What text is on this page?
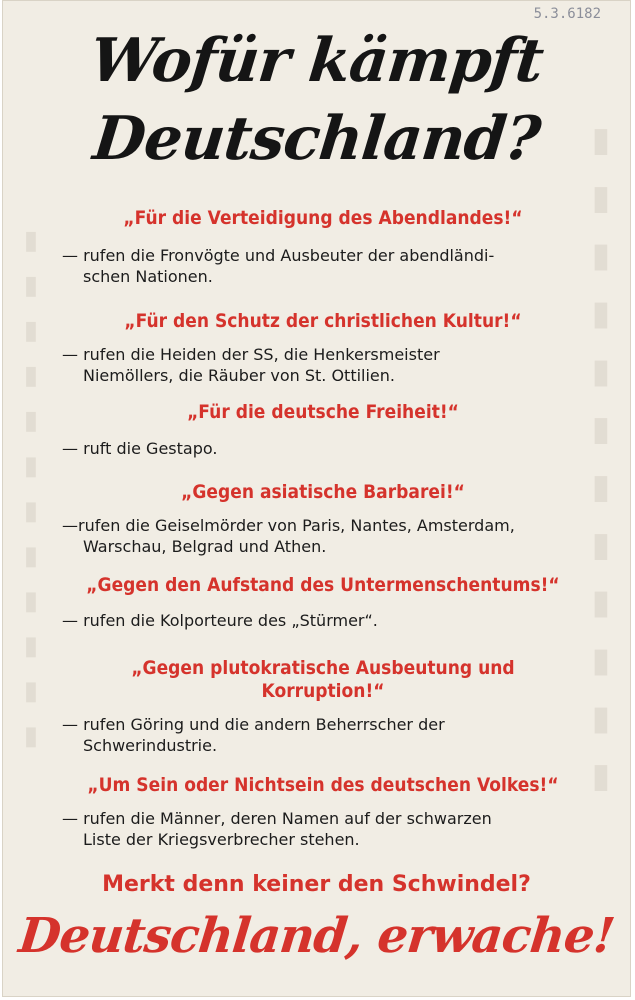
▮ ▮ ▮ ▮ ▮ ▮ ▮ ▮ ▮ ▮ ▮ ▮	▮ ▮ ▮ ▮ ▮ ▮ ▮ ▮ ▮ ▮ ▮ ▮
5.3.6182
Wofür kämpft
Deutschland?
„Für die Verteidigung des Abendlandes!“
— rufen die Fronvögte und Ausbeuter der abendländi-
schen Nationen.
„Für den Schutz der christlichen Kultur!“
— rufen die Heiden der SS, die Henkersmeister
Niemöllers, die Räuber von St. Ottilien.
„Für die deutsche Freiheit!“
— ruft die Gestapo.
„Gegen asiatische Barbarei!“
—rufen die Geiselmörder von Paris, Nantes, Amsterdam,
Warschau, Belgrad und Athen.
„Gegen den Aufstand des Untermenschentums!“
— rufen die Kolporteure des „Stürmer“.
„Gegen plutokratische Ausbeutung und
Korruption!“
— rufen Göring und die andern Beherrscher der
Schwerindustrie.
„Um Sein oder Nichtsein des deutschen Volkes!“
— rufen die Männer, deren Namen auf der schwarzen
Liste der Kriegsverbrecher stehen.
Merkt denn keiner den Schwindel?
Deutschland, erwache!
